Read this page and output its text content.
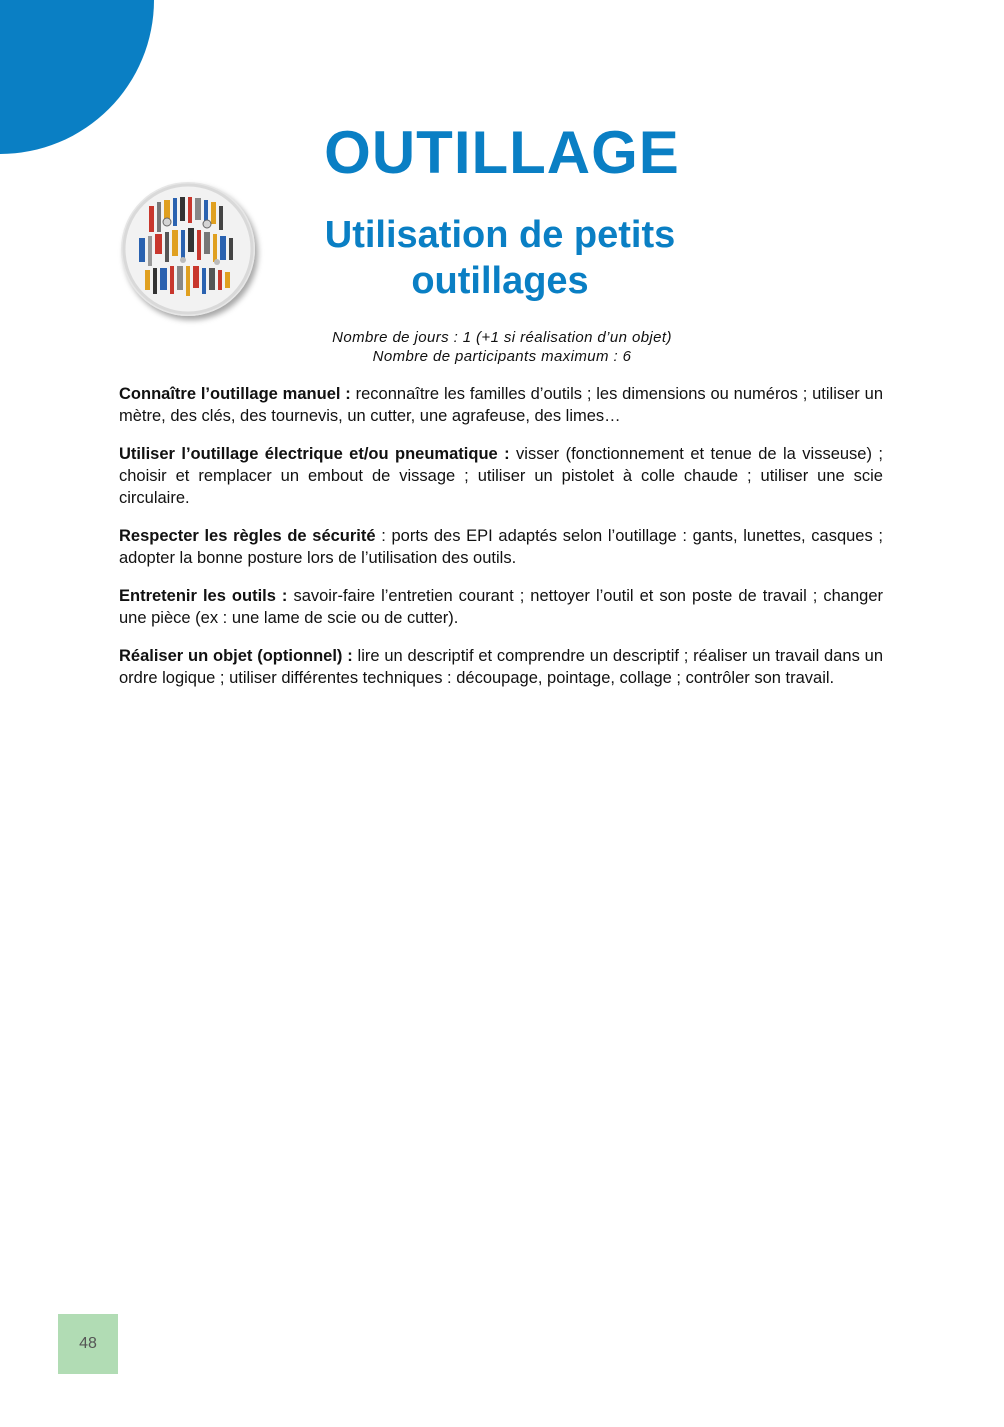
OUTILLAGE
Utilisation de petits outillages
Nombre de jours : 1 (+1 si réalisation d’un objet)
Nombre de participants maximum : 6

Connaître l’outillage manuel : reconnaître les familles d’outils ; les dimensions ou numéros ; utiliser un mètre, des clés, des tournevis, un cutter, une agrafeuse, des limes…

Utiliser l’outillage électrique et/ou pneumatique : visser (fonctionnement et tenue de la visseuse) ; choisir et remplacer un embout de vissage ; utiliser un pistolet à colle chaude ; utiliser une scie circulaire.

Respecter les règles de sécurité : ports des EPI adaptés selon l’outillage : gants, lunettes, casques ; adopter la bonne posture lors de l’utilisation des outils.

Entretenir les outils : savoir-faire l’entretien courant ; nettoyer l’outil et son poste de travail ; changer une pièce (ex : une lame de scie ou de cutter).

Réaliser un objet (optionnel) : lire un descriptif et comprendre un descriptif ; réaliser un travail dans un ordre logique ; utiliser différentes techniques : découpage, pointage, collage ; contrôler son travail.

48
